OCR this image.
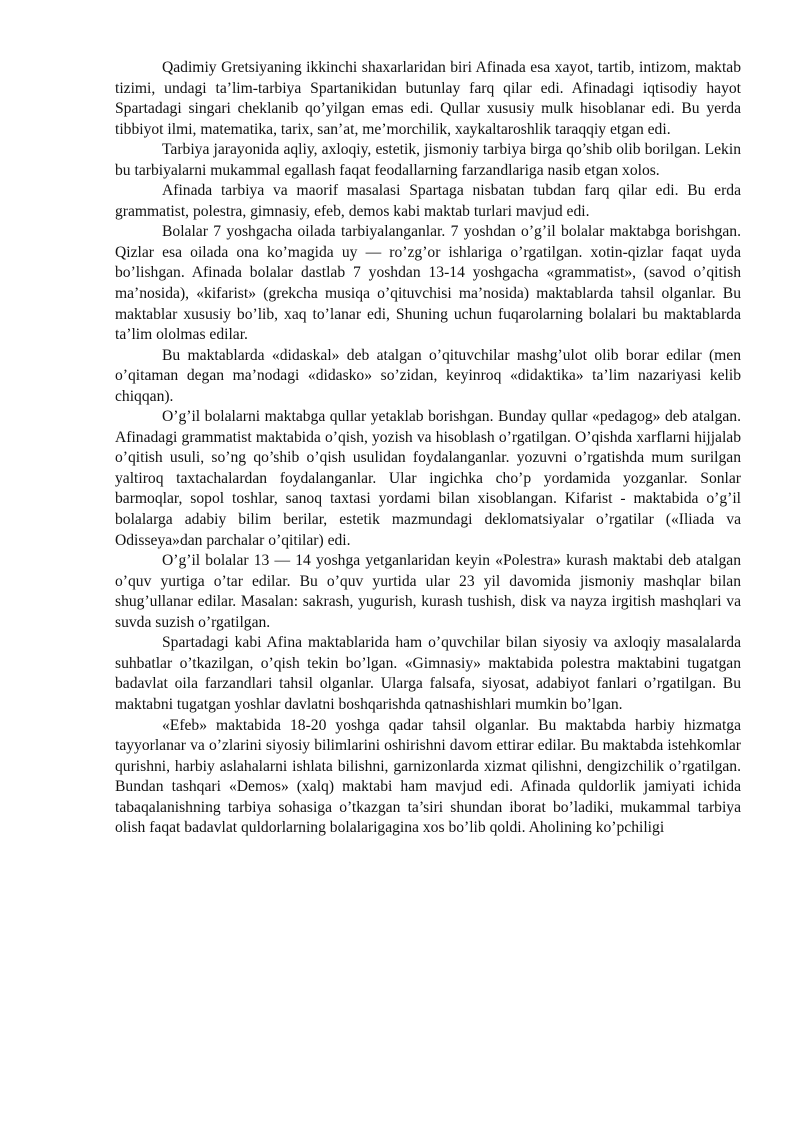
Qadimiy Gretsiyaning ikkinchi shaxarlaridan biri Afinada esa xayot, tartib, intizom, maktab tizimi, undagi ta’lim-tarbiya Spartanikidan butunlay farq qilar edi. Afinadagi iqtisodiy hayot Spartadagi singari cheklanib qo’yilgan emas edi. Qullar xususiy mulk hisoblanar edi. Bu yerda tibbiyot ilmi, matematika, tarix, san’at, me’morchilik, xaykaltaroshlik taraqqiy etgan edi.

Tarbiya jarayonida aqliy, axloqiy, estetik, jismoniy tarbiya birga qo’shib olib borilgan. Lekin bu tarbiyalarni mukammal egallash faqat feodallarning farzandlariga nasib etgan xolos.

Afinada tarbiya va maorif masalasi Spartaga nisbatan tubdan farq qilar edi. Bu erda grammatist, polestra, gimnasiy, efeb, demos kabi maktab turlari mavjud edi.

Bolalar 7 yoshgacha oilada tarbiyalanganlar. 7 yoshdan o’g’il bolalar maktabga borishgan. Qizlar esa oilada ona ko’magida uy — ro’zg’or ishlariga o’rgatilgan. xotin-qizlar faqat uyda bo’lishgan. Afinada bolalar dastlab 7 yoshdan 13-14 yoshgacha «grammatist», (savod o’qitish ma’nosida), «kifarist» (grekcha musiqa o’qituvchisi ma’nosida) maktablarda tahsil olganlar. Bu maktablar xususiy bo’lib, xaq to’lanar edi, Shuning uchun fuqarolarning bolalari bu maktablarda ta’lim ololmas edilar.

Bu maktablarda «didaskal» deb atalgan o’qituvchilar mashg’ulot olib borar edilar (men o’qitaman degan ma’nodagi «didasko» so’zidan, keyinroq «didaktika» ta’lim nazariyasi kelib chiqqan).

O’g’il bolalarni maktabga qullar yetaklab borishgan. Bunday qullar «pedagog» deb atalgan. Afinadagi grammatist maktabida o’qish, yozish va hisoblash o’rgatilgan. O’qishda xarflarni hijjalab o’qitish usuli, so’ng qo’shib o’qish usulidan foydalanganlar. yozuvni o’rgatishda mum surilgan yaltiroq taxtachalardan foydalanganlar. Ular ingichka cho’p yordamida yozganlar. Sonlar barmoqlar, sopol toshlar, sanoq taxtasi yordami bilan xisoblangan. Kifarist - maktabida o’g’il bolalarga adabiy bilim berilar, estetik mazmundagi deklomatsiyalar o’rgatilar («Iliada va Odisseya»dan parchalar o’qitilar) edi.

O’g’il bolalar 13 — 14 yoshga yetganlaridan keyin «Polestra» kurash maktabi deb atalgan o’quv yurtiga o’tar edilar. Bu o’quv yurtida ular 23 yil davomida jismoniy mashqlar bilan shug’ullanar edilar. Masalan: sakrash, yugurish, kurash tushish, disk va nayza irgitish mashqlari va suvda suzish o’rgatilgan.

Spartadagi kabi Afina maktablarida ham o’quvchilar bilan siyosiy va axloqiy masalalarda suhbatlar o’tkazilgan, o’qish tekin bo’lgan. «Gimnasiy» maktabida polestra maktabini tugatgan badavlat oila farzandlari tahsil olganlar. Ularga falsafa, siyosat, adabiyot fanlari o’rgatilgan. Bu maktabni tugatgan yoshlar davlatni boshqarishda qatnashishlari mumkin bo’lgan.

«Efeb» maktabida 18-20 yoshga qadar tahsil olganlar. Bu maktabda harbiy hizmatga tayyorlanar va o’zlarini siyosiy bilimlarini oshirishni davom ettirar edilar. Bu maktabda istehkomlar qurishni, harbiy aslahalarni ishlata bilishni, garnizonlarda xizmat qilishni, dengizchilik o’rgatilgan. Bundan tashqari «Demos» (xalq) maktabi ham mavjud edi. Afinada quldorlik jamiyati ichida tabaqalanishning tarbiya sohasiga o’tkazgan ta’siri shundan iborat bo’ladiki, mukammal tarbiya olish faqat badavlat quldorlarning bolalarigagina xos bo’lib qoldi. Aholining ko’pchiligi
